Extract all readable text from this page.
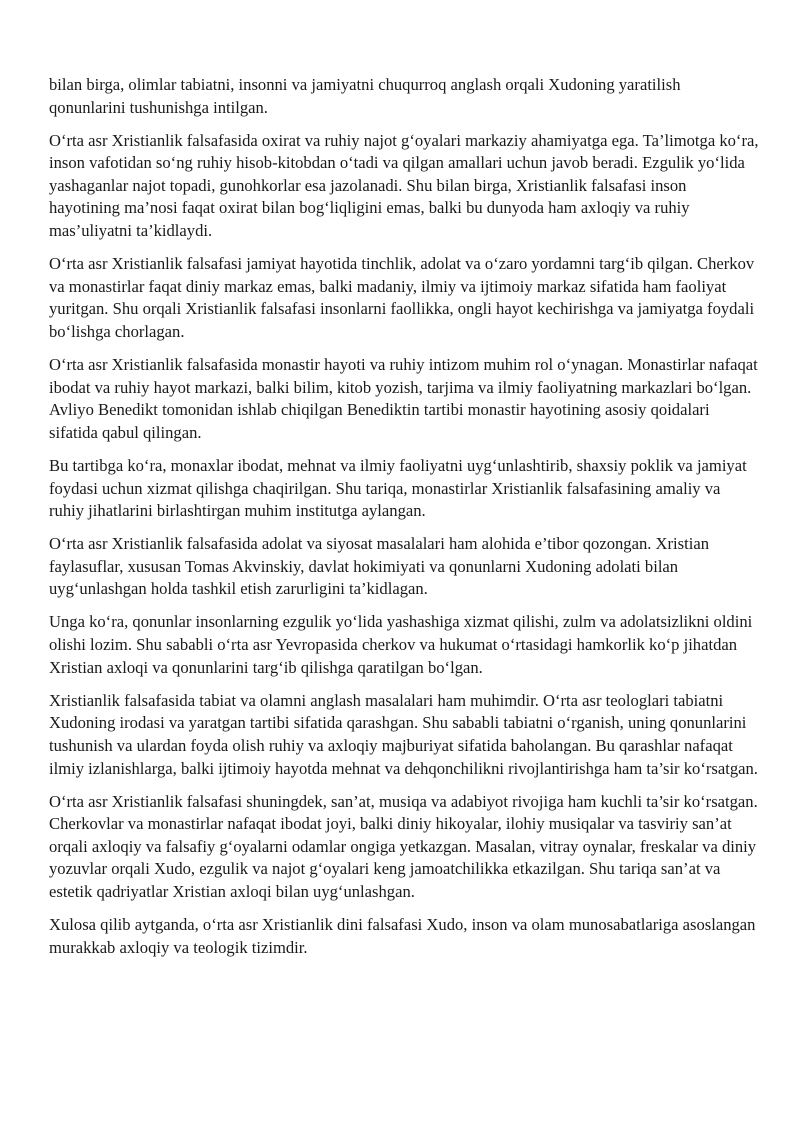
bilan birga, olimlar tabiatni, insonni va jamiyatni chuqurroq anglash orqali Xudoning yaratilish qonunlarini tushunishga intilgan.

O‘rta asr Xristianlik falsafasida oxirat va ruhiy najot g‘oyalari markaziy ahamiyatga ega. Ta’limotga ko‘ra, inson vafotidan so‘ng ruhiy hisob-kitobdan o‘tadi va qilgan amallari uchun javob beradi. Ezgulik yo‘lida yashaganlar najot topadi, gunohkorlar esa jazolanadi. Shu bilan birga, Xristianlik falsafasi inson hayotining ma’nosi faqat oxirat bilan bog‘liqligini emas, balki bu dunyoda ham axloqiy va ruhiy mas’uliyatni ta’kidlaydi.

O‘rta asr Xristianlik falsafasi jamiyat hayotida tinchlik, adolat va o‘zaro yordamni targ‘ib qilgan. Cherkov va monastirlar faqat diniy markaz emas, balki madaniy, ilmiy va ijtimoiy markaz sifatida ham faoliyat yuritgan. Shu orqali Xristianlik falsafasi insonlarni faollikka, ongli hayot kechirishga va jamiyatga foydali bo‘lishga chorlagan.

O‘rta asr Xristianlik falsafasida monastir hayoti va ruhiy intizom muhim rol o‘ynagan. Monastirlar nafaqat ibodat va ruhiy hayot markazi, balki bilim, kitob yozish, tarjima va ilmiy faoliyatning markazlari bo‘lgan. Avliyo Benedikt tomonidan ishlab chiqilgan Benediktin tartibi monastir hayotining asosiy qoidalari sifatida qabul qilingan.

Bu tartibga ko‘ra, monaxlar ibodat, mehnat va ilmiy faoliyatni uyg‘unlashtirib, shaxsiy poklik va jamiyat foydasi uchun xizmat qilishga chaqirilgan. Shu tariqa, monastirlar Xristianlik falsafasining amaliy va ruhiy jihatlarini birlashtirgan muhim institutga aylangan.

O‘rta asr Xristianlik falsafasida adolat va siyosat masalalari ham alohida e’tibor qozongan. Xristian faylasuflar, xususan Tomas Akvinskiy, davlat hokimiyati va qonunlarni Xudoning adolati bilan uyg‘unlashgan holda tashkil etish zarurligini ta’kidlagan.

Unga ko‘ra, qonunlar insonlarning ezgulik yo‘lida yashashiga xizmat qilishi, zulm va adolatsizlikni oldini olishi lozim. Shu sababli o‘rta asr Yevropasida cherkov va hukumat o‘rtasidagi hamkorlik ko‘p jihatdan Xristian axloqi va qonunlarini targ‘ib qilishga qaratilgan bo‘lgan.

Xristianlik falsafasida tabiat va olamni anglash masalalari ham muhimdir. O‘rta asr teologlari tabiatni Xudoning irodasi va yaratgan tartibi sifatida qarashgan. Shu sababli tabiatni o‘rganish, uning qonunlarini tushunish va ulardan foyda olish ruhiy va axloqiy majburiyat sifatida baholangan. Bu qarashlar nafaqat ilmiy izlanishlarga, balki ijtimoiy hayotda mehnat va dehqonchilikni rivojlantirishga ham ta’sir ko‘rsatgan.

O‘rta asr Xristianlik falsafasi shuningdek, san’at, musiqa va adabiyot rivojiga ham kuchli ta’sir ko‘rsatgan. Cherkovlar va monastirlar nafaqat ibodat joyi, balki diniy hikoyalar, ilohiy musiqalar va tasviriy san’at orqali axloqiy va falsafiy g‘oyalarni odamlar ongiga yetkazgan. Masalan, vitray oynalar, freskalar va diniy yozuvlar orqali Xudo, ezgulik va najot g‘oyalari keng jamoatchilikka etkazilgan. Shu tariqa san’at va estetik qadriyatlar Xristian axloqi bilan uyg‘unlashgan.

Xulosa qilib aytganda, o‘rta asr Xristianlik dini falsafasi Xudo, inson va olam munosabatlariga asoslangan murakkab axloqiy va teologik tizimdir.
